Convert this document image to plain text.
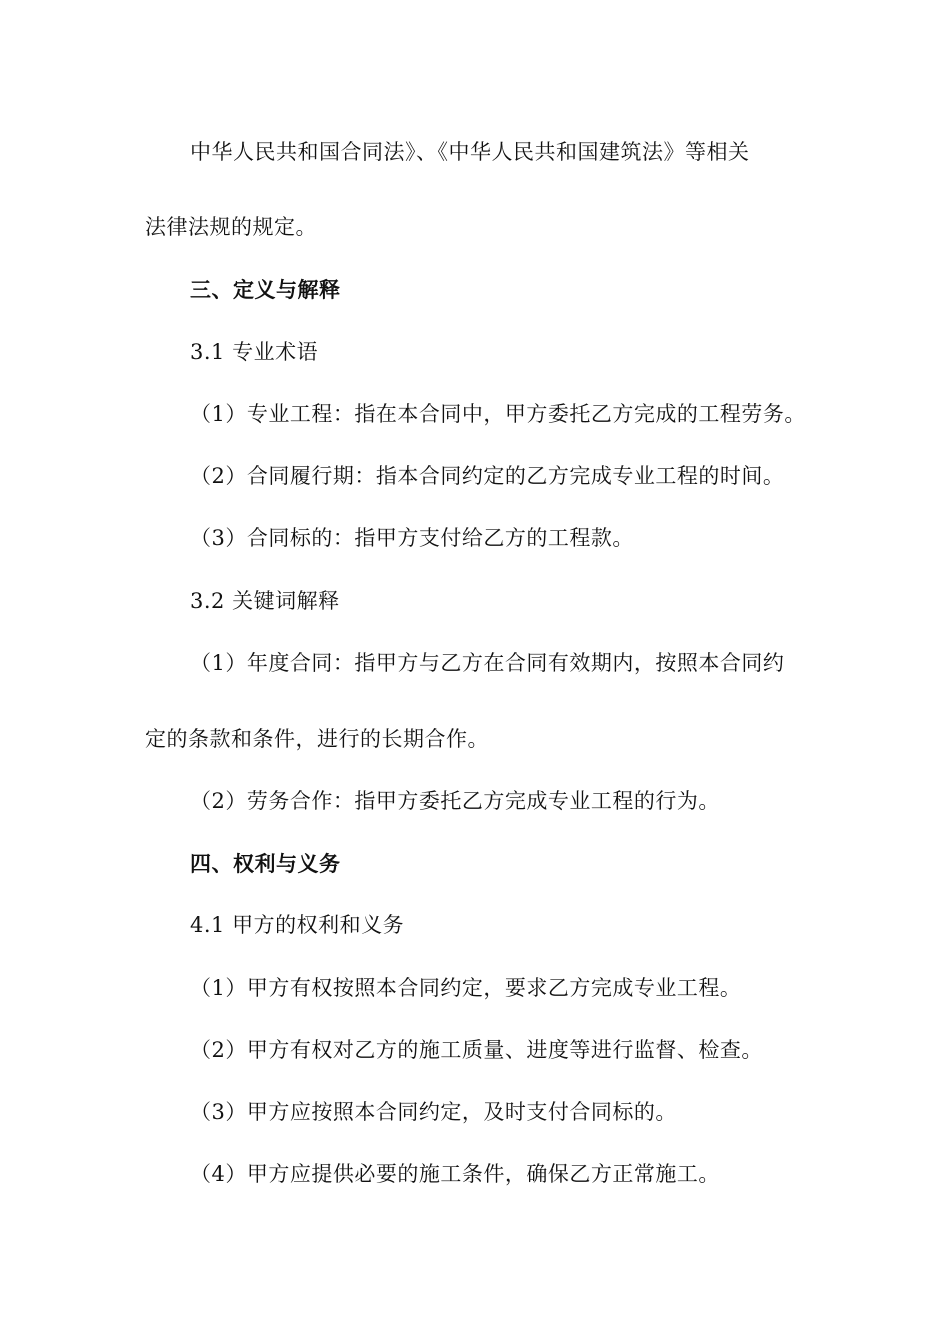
中华人民共和国合同法》、《中华人民共和国建筑法》等相关
法律法规的规定。
三、定义与解释
3.1 专业术语
（1）专业工程：指在本合同中，甲方委托乙方完成的工程劳务。
（2）合同履行期：指本合同约定的乙方完成专业工程的时间。
（3）合同标的：指甲方支付给乙方的工程款。
3.2 关键词解释
（1）年度合同：指甲方与乙方在合同有效期内，按照本合同约
定的条款和条件，进行的长期合作。
（2）劳务合作：指甲方委托乙方完成专业工程的行为。
四、权利与义务
4.1 甲方的权利和义务
（1）甲方有权按照本合同约定，要求乙方完成专业工程。
（2）甲方有权对乙方的施工质量、进度等进行监督、检查。
（3）甲方应按照本合同约定，及时支付合同标的。
（4）甲方应提供必要的施工条件，确保乙方正常施工。
